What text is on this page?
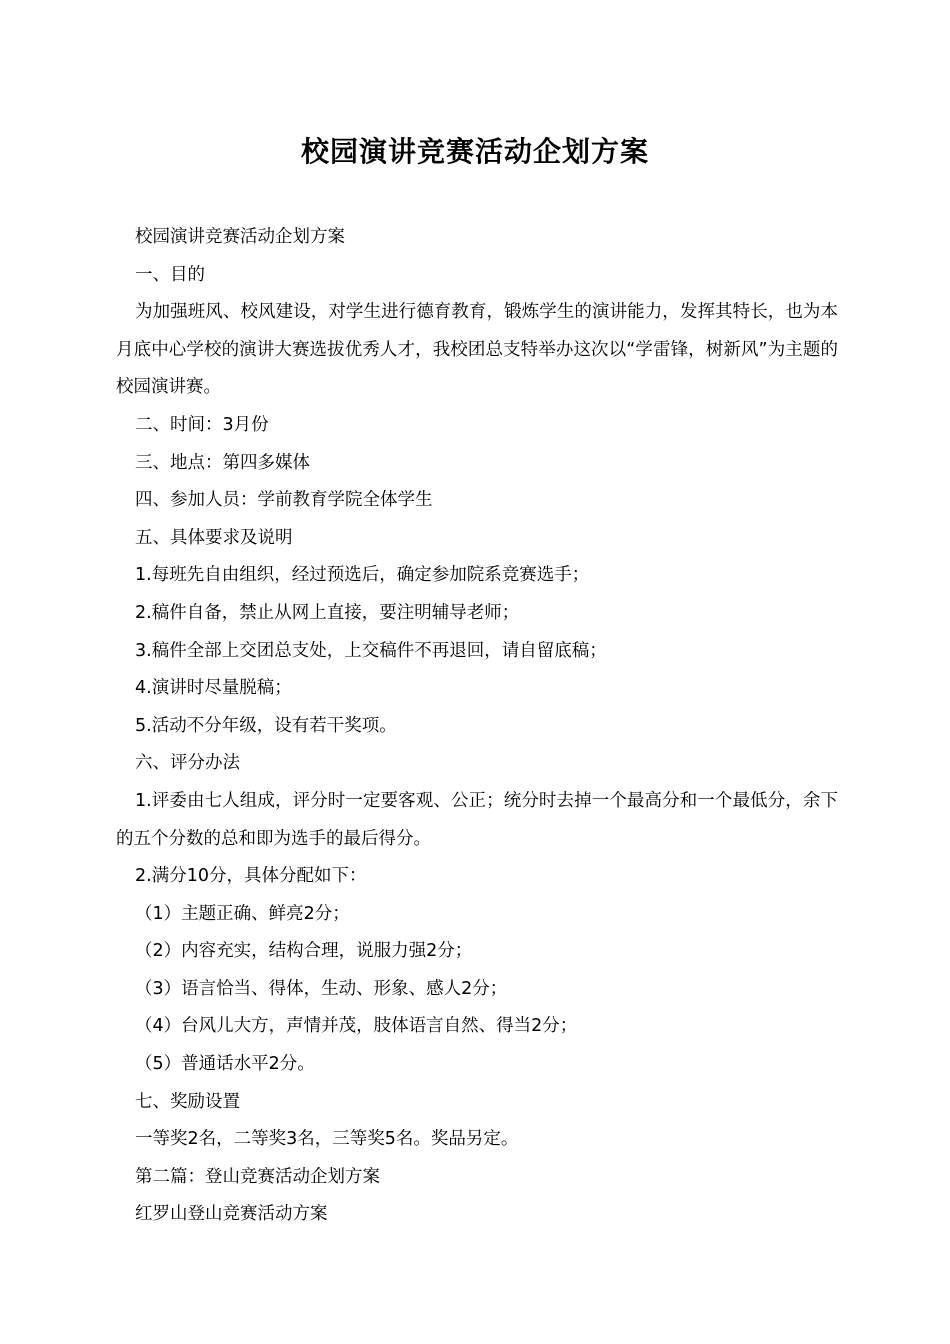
校园演讲竞赛活动企划方案

校园演讲竞赛活动企划方案

一、目的

为加强班风、校风建设，对学生进行德育教育，锻炼学生的演讲能力，发挥其特长，也为本月底中心学校的演讲大赛选拔优秀人才，我校团总支特举办这次以“学雷锋，树新风”为主题的校园演讲赛。

二、时间：3月份

三、地点：第四多媒体

四、参加人员：学前教育学院全体学生

五、具体要求及说明

1.每班先自由组织，经过预选后，确定参加院系竞赛选手；

2.稿件自备，禁止从网上直接，要注明辅导老师；

3.稿件全部上交团总支处，上交稿件不再退回，请自留底稿；

4.演讲时尽量脱稿；

5.活动不分年级，设有若干奖项。

六、评分办法

1.评委由七人组成，评分时一定要客观、公正；统分时去掉一个最高分和一个最低分，余下的五个分数的总和即为选手的最后得分。

2.满分10分，具体分配如下：

（1）主题正确、鲜亮2分；

（2）内容充实，结构合理，说服力强2分；

（3）语言恰当、得体，生动、形象、感人2分；

（4）台风儿大方，声情并茂，肢体语言自然、得当2分；

（5）普通话水平2分。

七、奖励设置

一等奖2名，二等奖3名，三等奖5名。奖品另定。

第二篇：登山竞赛活动企划方案

红罗山登山竞赛活动方案
